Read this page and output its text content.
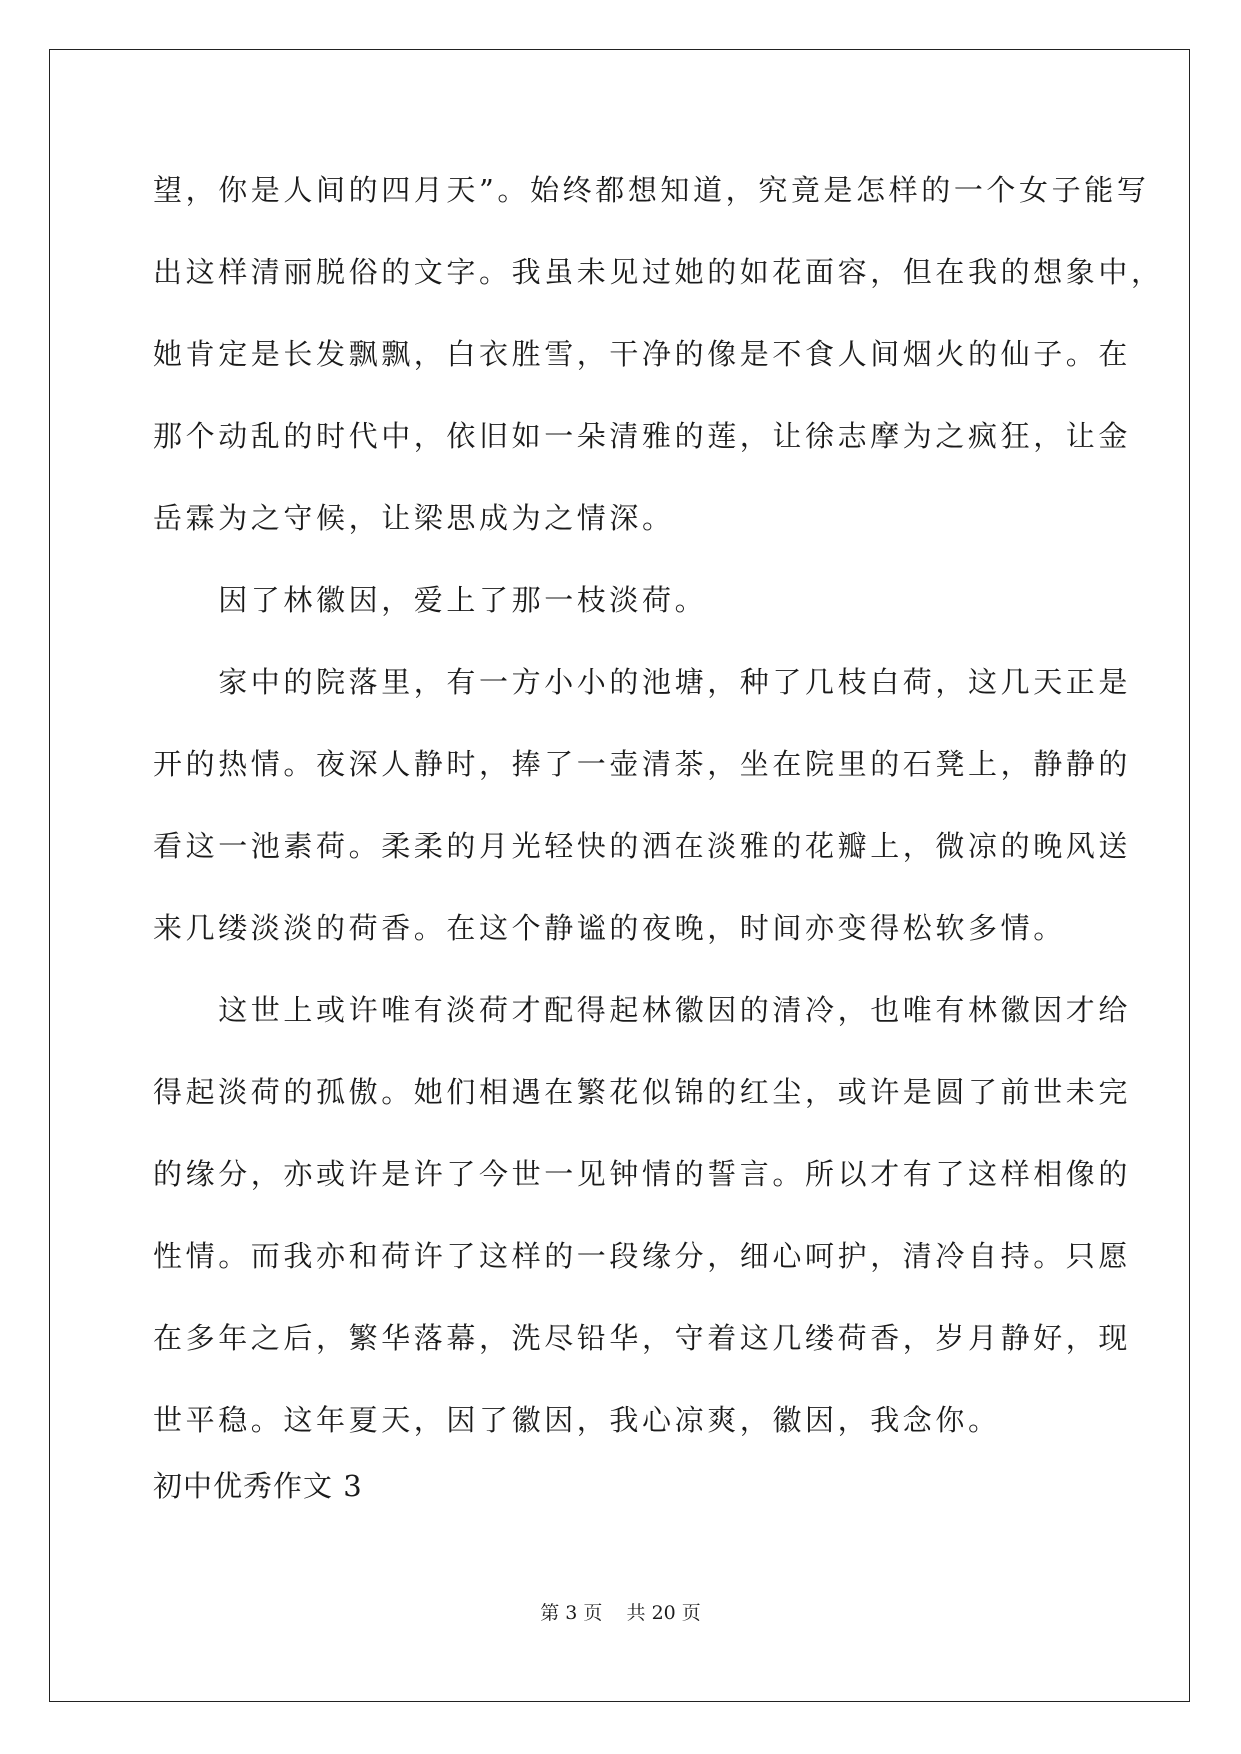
望，你是人间的四月天”。始终都想知道，究竟是怎样的一个女子能写
出这样清丽脱俗的文字。我虽未见过她的如花面容，但在我的想象中，
她肯定是长发飘飘，白衣胜雪，干净的像是不食人间烟火的仙子。在
那个动乱的时代中，依旧如一朵清雅的莲，让徐志摩为之疯狂，让金
岳霖为之守候，让梁思成为之情深。
　　因了林徽因，爱上了那一枝淡荷。
　　家中的院落里，有一方小小的池塘，种了几枝白荷，这几天正是
开的热情。夜深人静时，捧了一壶清茶，坐在院里的石凳上，静静的
看这一池素荷。柔柔的月光轻快的洒在淡雅的花瓣上，微凉的晚风送
来几缕淡淡的荷香。在这个静谧的夜晚，时间亦变得松软多情。
　　这世上或许唯有淡荷才配得起林徽因的清冷，也唯有林徽因才给
得起淡荷的孤傲。她们相遇在繁花似锦的红尘，或许是圆了前世未完
的缘分，亦或许是许了今世一见钟情的誓言。所以才有了这样相像的
性情。而我亦和荷许了这样的一段缘分，细心呵护，清冷自持。只愿
在多年之后，繁华落幕，洗尽铅华，守着这几缕荷香，岁月静好，现
世平稳。这年夏天，因了徽因，我心凉爽，徽因，我念你。
初中优秀作文 3
第 3 页 共 20 页
